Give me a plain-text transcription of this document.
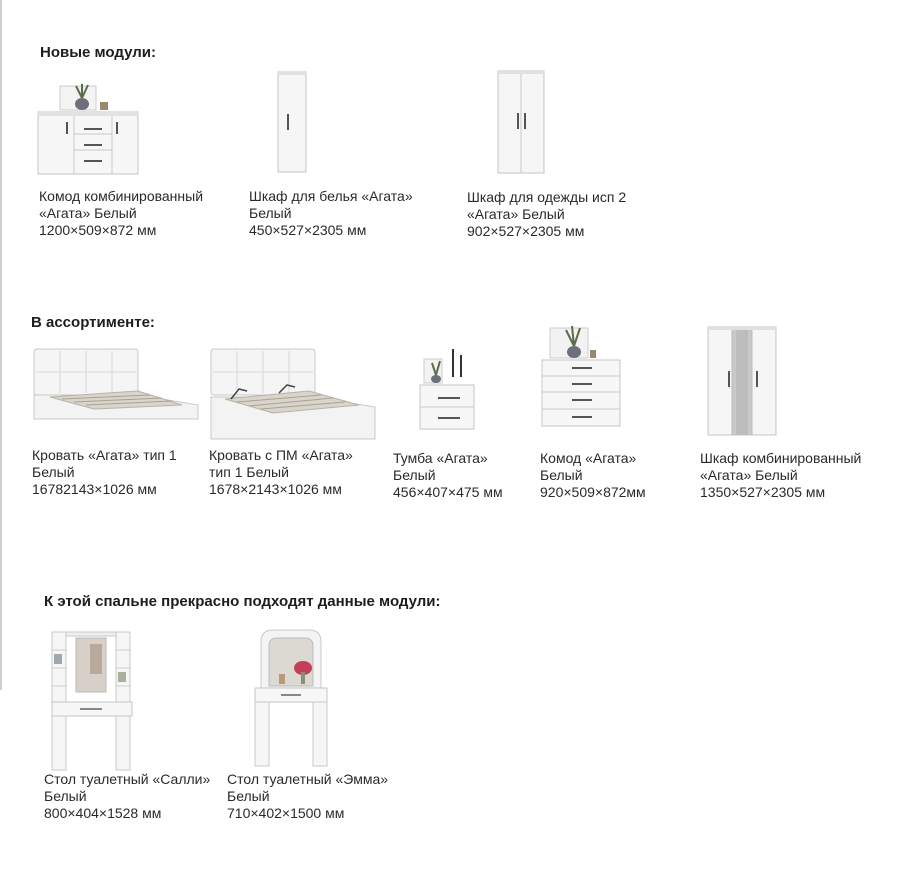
Новые модули:
Комод комбинированный
«Агата» Белый
1200×509×872 мм
Шкаф для белья «Агата»
Белый
450×527×2305 мм
Шкаф для одежды исп 2
«Агата» Белый
902×527×2305 мм
В ассортименте:
Кровать «Агата» тип 1
Белый
16782143×1026 мм
Кровать с ПМ «Агата»
тип 1 Белый
1678×2143×1026 мм
Тумба «Агата»
Белый
456×407×475 мм
Комод «Агата»
Белый
920×509×872мм
Шкаф комбинированный
«Агата» Белый
1350×527×2305 мм
К этой спальне прекрасно подходят данные модули:
Стол туалетный «Салли»
Белый
800×404×1528 мм
Стол туалетный «Эмма»
Белый
710×402×1500 мм
